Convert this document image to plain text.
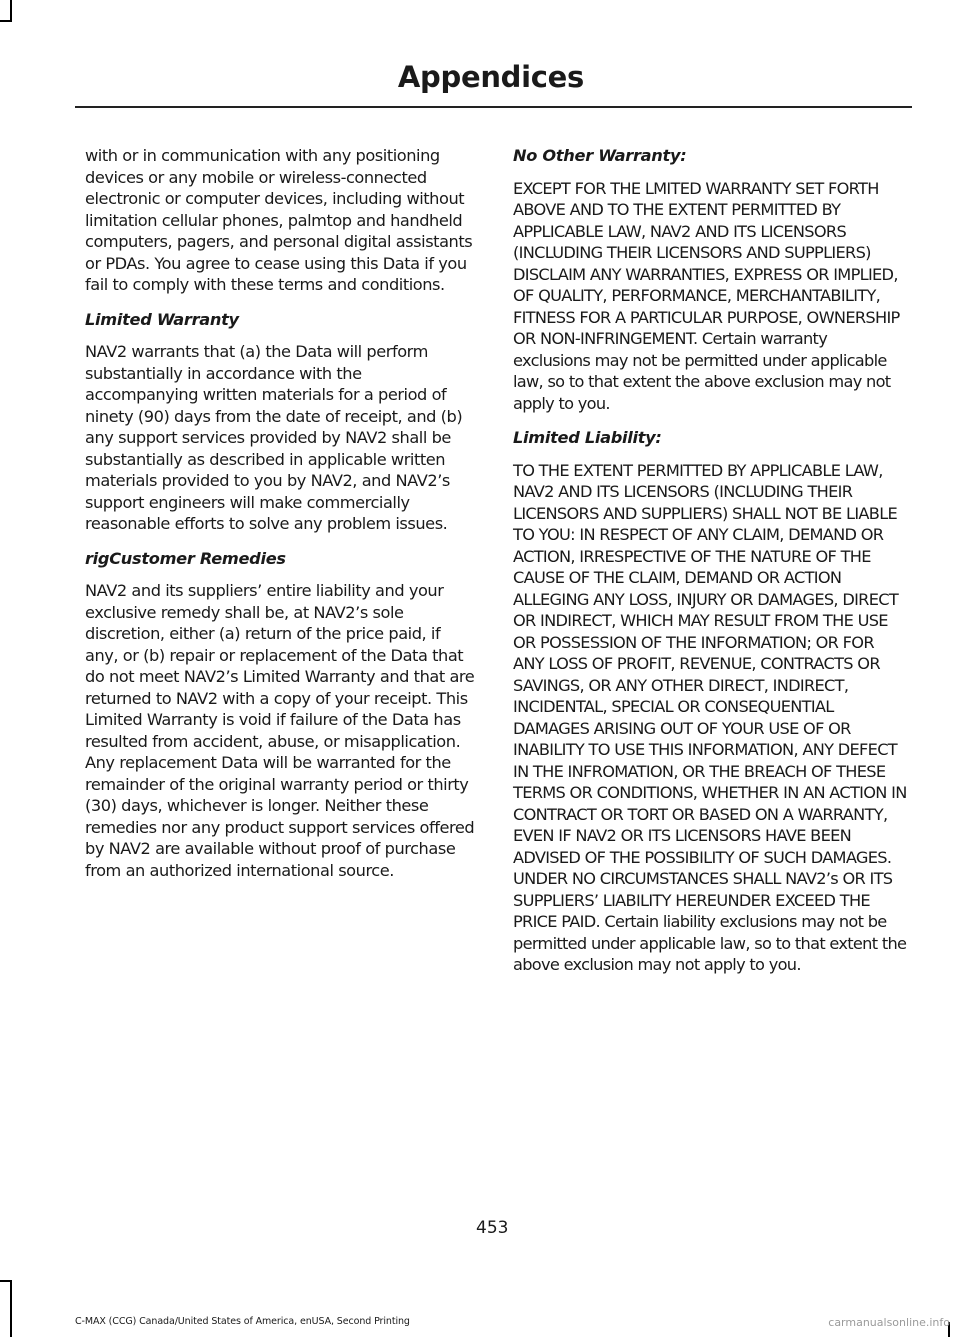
Appendices

with or in communication with any positioning devices or any mobile or wireless-connected electronic or computer devices, including without limitation cellular phones, palmtop and handheld computers, pagers, and personal digital assistants or PDAs. You agree to cease using this Data if you fail to comply with these terms and conditions.

Limited Warranty

NAV2 warrants that (a) the Data will perform substantially in accordance with the accompanying written materials for a period of ninety (90) days from the date of receipt, and (b) any support services provided by NAV2 shall be substantially as described in applicable written materials provided to you by NAV2, and NAV2’s support engineers will make commercially reasonable efforts to solve any problem issues.

rigCustomer Remedies

NAV2 and its suppliers’ entire liability and your exclusive remedy shall be, at NAV2’s sole discretion, either (a) return of the price paid, if any, or (b) repair or replacement of the Data that do not meet NAV2’s Limited Warranty and that are returned to NAV2 with a copy of your receipt. This Limited Warranty is void if failure of the Data has resulted from accident, abuse, or misapplication. Any replacement Data will be warranted for the remainder of the original warranty period or thirty (30) days, whichever is longer. Neither these remedies nor any product support services offered by NAV2 are available without proof of purchase from an authorized international source.

No Other Warranty:

EXCEPT FOR THE LMITED WARRANTY SET FORTH ABOVE AND TO THE EXTENT PERMITTED BY APPLICABLE LAW, NAV2 AND ITS LICENSORS (INCLUDING THEIR LICENSORS AND SUPPLIERS) DISCLAIM ANY WARRANTIES, EXPRESS OR IMPLIED, OF QUALITY, PERFORMANCE, MERCHANTABILITY, FITNESS FOR A PARTICULAR PURPOSE, OWNERSHIP OR NON-INFRINGEMENT. Certain warranty exclusions may not be permitted under applicable law, so to that extent the above exclusion may not apply to you.

Limited Liability:

TO THE EXTENT PERMITTED BY APPLICABLE LAW, NAV2 AND ITS LICENSORS (INCLUDING THEIR LICENSORS AND SUPPLIERS) SHALL NOT BE LIABLE TO YOU: IN RESPECT OF ANY CLAIM, DEMAND OR ACTION, IRRESPECTIVE OF THE NATURE OF THE CAUSE OF THE CLAIM, DEMAND OR ACTION ALLEGING ANY LOSS, INJURY OR DAMAGES, DIRECT OR INDIRECT, WHICH MAY RESULT FROM THE USE OR POSSESSION OF THE INFORMATION; OR FOR ANY LOSS OF PROFIT, REVENUE, CONTRACTS OR SAVINGS, OR ANY OTHER DIRECT, INDIRECT, INCIDENTAL, SPECIAL OR CONSEQUENTIAL DAMAGES ARISING OUT OF YOUR USE OF OR INABILITY TO USE THIS INFORMATION, ANY DEFECT IN THE INFROMATION, OR THE BREACH OF THESE TERMS OR CONDITIONS, WHETHER IN AN ACTION IN CONTRACT OR TORT OR BASED ON A WARRANTY, EVEN IF NAV2 OR ITS LICENSORS HAVE BEEN ADVISED OF THE POSSIBILITY OF SUCH DAMAGES. UNDER NO CIRCUMSTANCES SHALL NAV2’s OR ITS SUPPLIERS’ LIABILITY HEREUNDER EXCEED THE PRICE PAID. Certain liability exclusions may not be permitted under applicable law, so to that extent the above exclusion may not apply to you.

453
C-MAX (CCG) Canada/United States of America, enUSA, Second Printing	carmanualsonline.info
